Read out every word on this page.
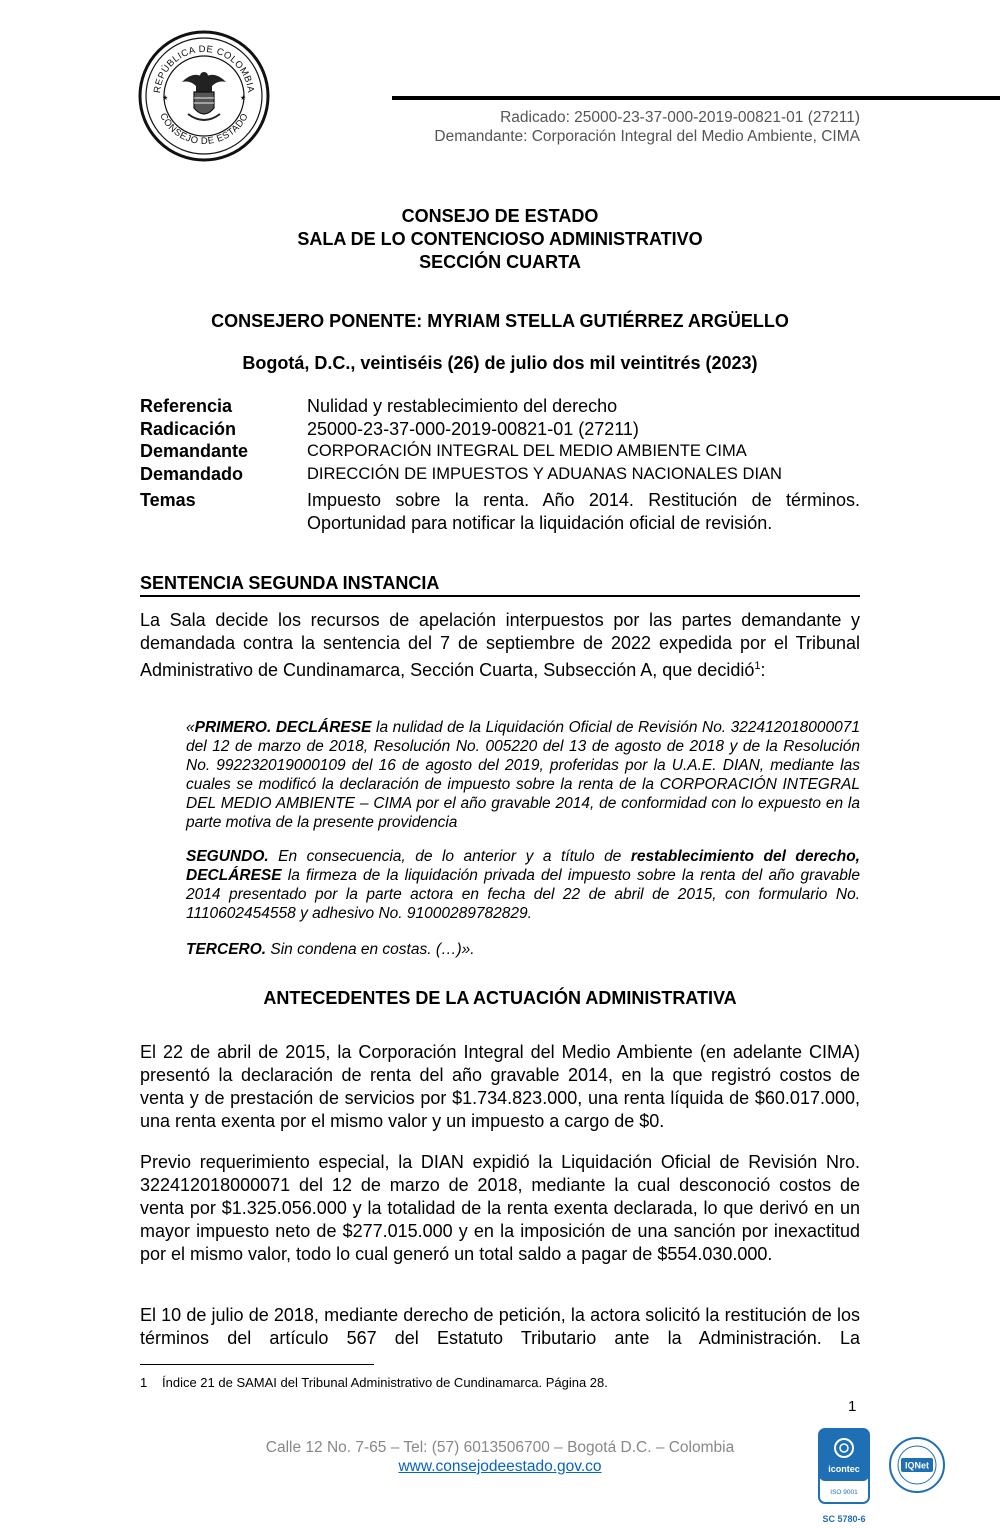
REPÚBLICA DE COLOMBIA
CONSEJO DE ESTADO
★	★
Radicado: 25000-23-37-000-2019-00821-01 (27211)
Demandante: Corporación Integral del Medio Ambiente, CIMA
CONSEJO DE ESTADO
SALA DE LO CONTENCIOSO ADMINISTRATIVO
SECCIÓN CUARTA
CONSEJERO PONENTE: MYRIAM STELLA GUTIÉRREZ ARGÜELLO
Bogotá, D.C., veintiséis (26) de julio dos mil veintitrés (2023)
Referencia	Nulidad y restablecimiento del derecho
Radicación	25000-23-37-000-2019-00821-01 (27211)
Demandante	CORPORACIÓN INTEGRAL DEL MEDIO AMBIENTE CIMA
Demandado	DIRECCIÓN DE IMPUESTOS Y ADUANAS NACIONALES DIAN
Temas	Impuesto sobre la renta. Año 2014. Restitución de términos. Oportunidad para notificar la liquidación oficial de revisión.
SENTENCIA SEGUNDA INSTANCIA

La Sala decide los recursos de apelación interpuestos por las partes demandante y demandada contra la sentencia del 7 de septiembre de 2022 expedida por el Tribunal Administrativo de Cundinamarca, Sección Cuarta, Subsección A, que decidió$^1$:

«PRIMERO. DECLÁRESE la nulidad de la Liquidación Oficial de Revisión No. 322412018000071 del 12 de marzo de 2018, Resolución No. 005220 del 13 de agosto de 2018 y de la Resolución No. 992232019000109 del 16 de agosto del 2019, proferidas por la U.A.E. DIAN, mediante las cuales se modificó la declaración de impuesto sobre la renta de la CORPORACIÓN INTEGRAL DEL MEDIO AMBIENTE – CIMA por el año gravable 2014, de conformidad con lo expuesto en la parte motiva de la presente providencia

SEGUNDO. En consecuencia, de lo anterior y a título de restablecimiento del derecho, DECLÁRESE la firmeza de la liquidación privada del impuesto sobre la renta del año gravable 2014 presentado por la parte actora en fecha del 22 de abril de 2015, con formulario No. 1110602454558 y adhesivo No. 91000289782829.

TERCERO. Sin condena en costas. (…)».

ANTECEDENTES DE LA ACTUACIÓN ADMINISTRATIVA

El 22 de abril de 2015, la Corporación Integral del Medio Ambiente (en adelante CIMA) presentó la declaración de renta del año gravable 2014, en la que registró costos de venta y de prestación de servicios por $1.734.823.000, una renta líquida de $60.017.000, una renta exenta por el mismo valor y un impuesto a cargo de $0.

Previo requerimiento especial, la DIAN expidió la Liquidación Oficial de Revisión Nro. 322412018000071 del 12 de marzo de 2018, mediante la cual desconoció costos de venta por $1.325.056.000 y la totalidad de la renta exenta declarada, lo que derivó en un mayor impuesto neto de $277.015.000 y en la imposición de una sanción por inexactitud por el mismo valor, todo lo cual generó un total saldo a pagar de $554.030.000.

El 10 de julio de 2018, mediante derecho de petición, la actora solicitó la restitución de los términos del artículo 567 del Estatuto Tributario ante la Administración. La

1 Índice 21 de SAMAI del Tribunal Administrativo de Cundinamarca. Página 28.
1
Calle 12 No. 7-65 – Tel: (57) 6013506700 – Bogotá D.C. – Colombia
www.consejodeestado.gov.co	icontec
ISO 9001
SC 5780-6
IQNet
